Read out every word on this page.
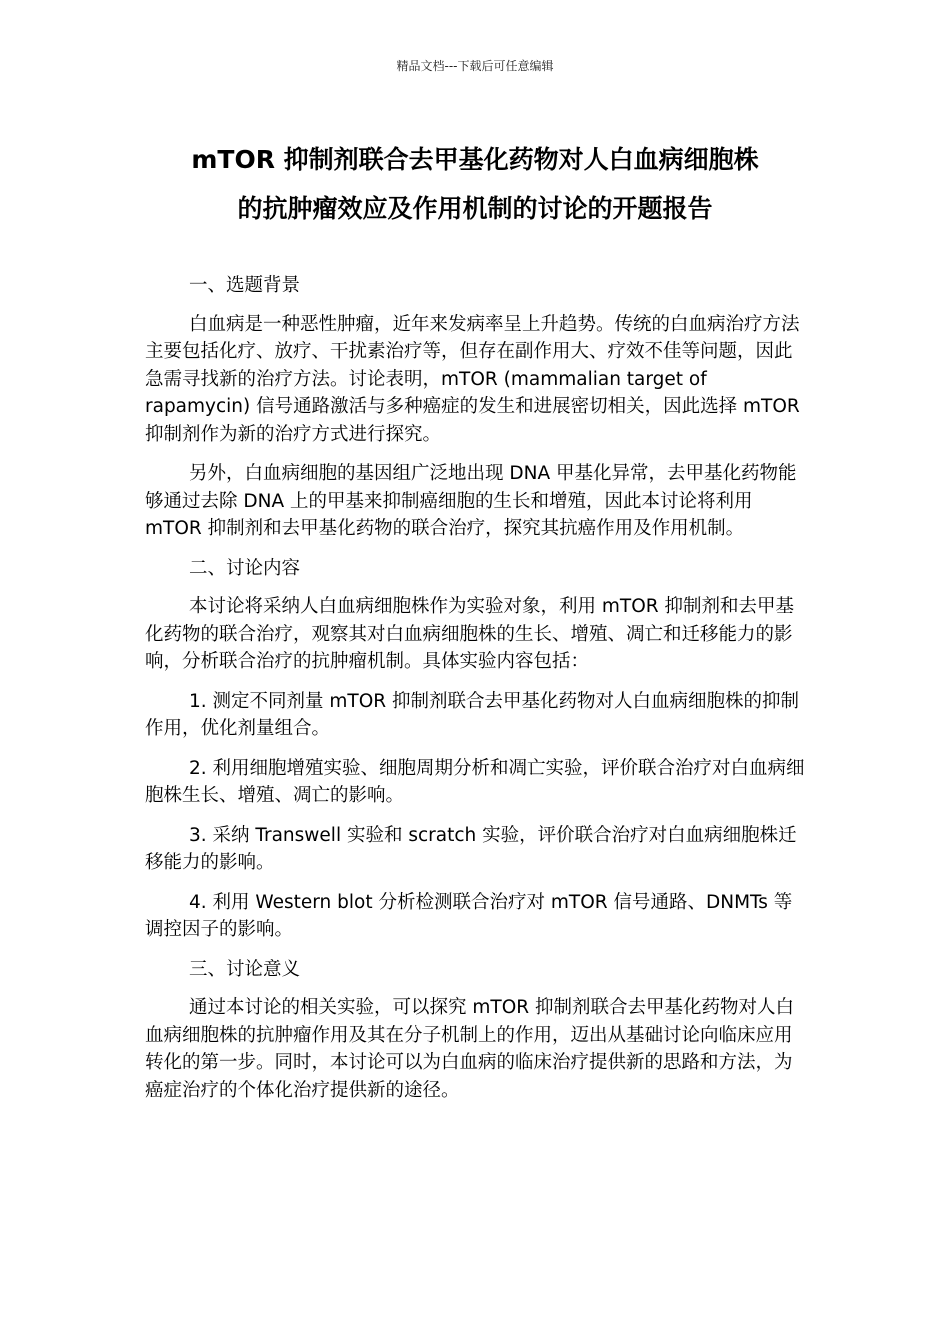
精品文档---下载后可任意编辑
mTOR 抑制剂联合去甲基化药物对人白血病细胞株
的抗肿瘤效应及作用机制的讨论的开题报告

一、选题背景

白血病是一种恶性肿瘤，近年来发病率呈上升趋势。传统的白血病治疗方法主要包括化疗、放疗、干扰素治疗等，但存在副作用大、疗效不佳等问题，因此急需寻找新的治疗方法。讨论表明，mTOR (mammalian target of rapamycin) 信号通路激活与多种癌症的发生和进展密切相关，因此选择 mTOR 抑制剂作为新的治疗方式进行探究。

另外，白血病细胞的基因组广泛地出现 DNA 甲基化异常，去甲基化药物能够通过去除 DNA 上的甲基来抑制癌细胞的生长和增殖，因此本讨论将利用 mTOR 抑制剂和去甲基化药物的联合治疗，探究其抗癌作用及作用机制。

二、讨论内容

本讨论将采纳人白血病细胞株作为实验对象，利用 mTOR 抑制剂和去甲基化药物的联合治疗，观察其对白血病细胞株的生长、增殖、凋亡和迁移能力的影响，分析联合治疗的抗肿瘤机制。具体实验内容包括：

1. 测定不同剂量 mTOR 抑制剂联合去甲基化药物对人白血病细胞株的抑制作用，优化剂量组合。

2. 利用细胞增殖实验、细胞周期分析和凋亡实验，评价联合治疗对白血病细胞株生长、增殖、凋亡的影响。

3. 采纳 Transwell 实验和 scratch 实验，评价联合治疗对白血病细胞株迁移能力的影响。

4. 利用 Western blot 分析检测联合治疗对 mTOR 信号通路、DNMTs 等调控因子的影响。

三、讨论意义

通过本讨论的相关实验，可以探究 mTOR 抑制剂联合去甲基化药物对人白血病细胞株的抗肿瘤作用及其在分子机制上的作用，迈出从基础讨论向临床应用转化的第一步。同时，本讨论可以为白血病的临床治疗提供新的思路和方法，为癌症治疗的个体化治疗提供新的途径。
